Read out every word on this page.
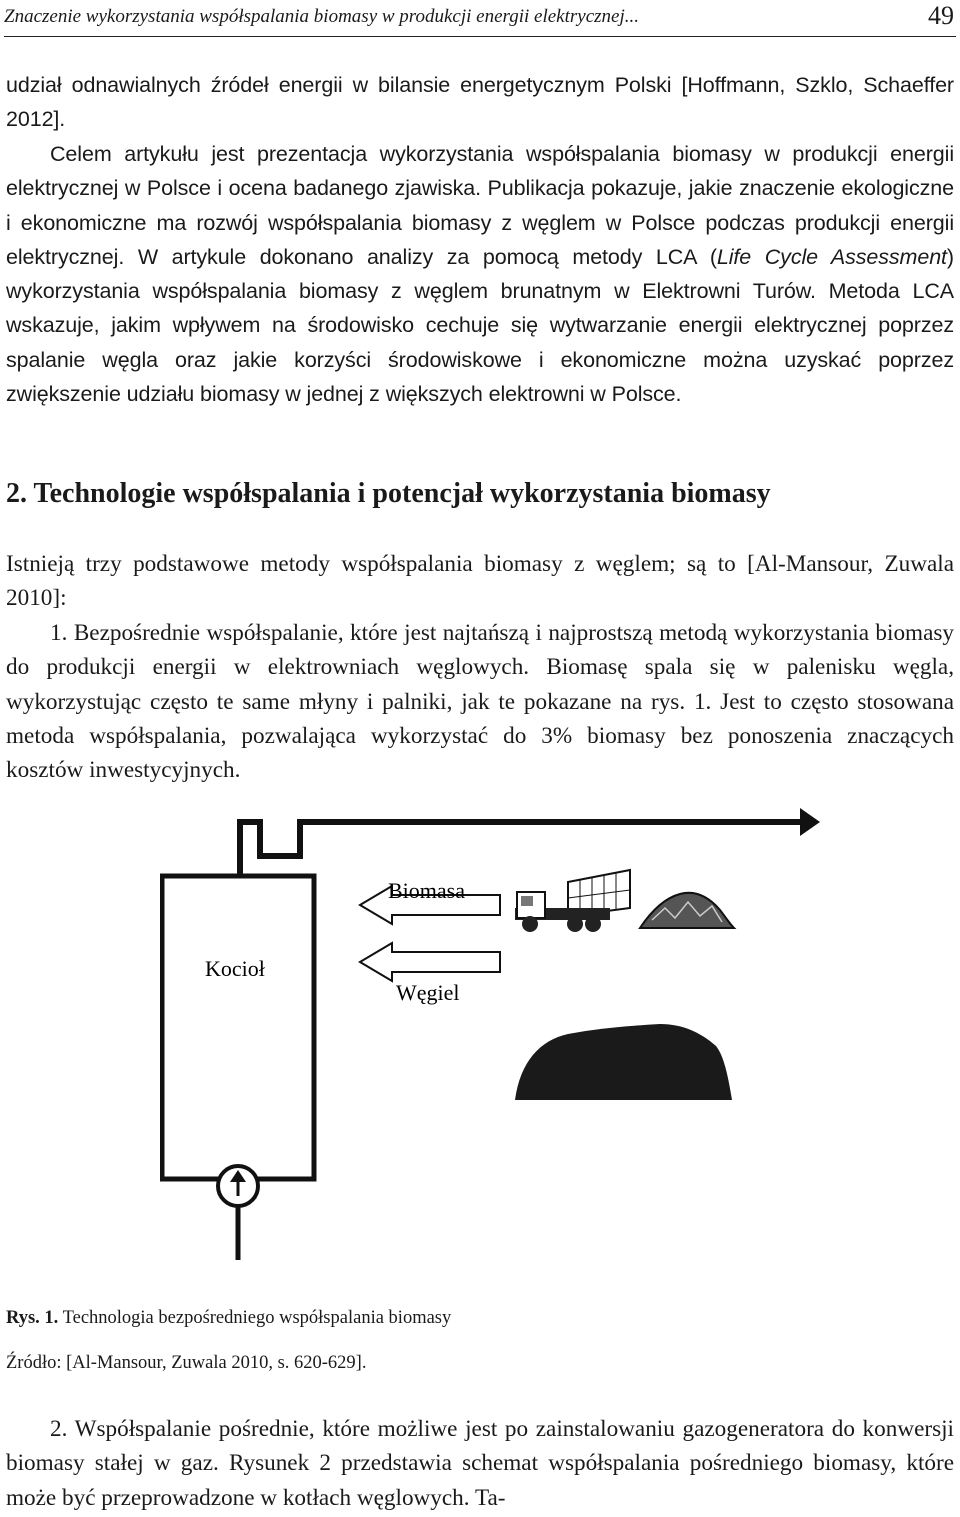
Znaczenie wykorzystania współspalania biomasy w produkcji energii elektrycznej...	49

udział odnawialnych źródeł energii w bilansie energetycznym Polski [Hoffmann, Szklo, Schaeffer 2012].

Celem artykułu jest prezentacja wykorzystania współspalania biomasy w produkcji energii elektrycznej w Polsce i ocena badanego zjawiska. Publikacja pokazuje, jakie znaczenie ekologiczne i ekonomiczne ma rozwój współspalania biomasy z węglem w Polsce podczas produkcji energii elektrycznej. W artykule dokonano analizy za pomocą metody LCA (Life Cycle Assessment) wykorzystania współspalania biomasy z węglem brunatnym w Elektrowni Turów. Metoda LCA wskazuje, jakim wpływem na środowisko cechuje się wytwarzanie energii elektrycznej poprzez spalanie węgla oraz jakie korzyści środowiskowe i ekonomiczne można uzyskać poprzez zwiększenie udziału biomasy w jednej z większych elektrowni w Polsce.

2. Technologie współspalania i potencjał wykorzystania biomasy

Istnieją trzy podstawowe metody współspalania biomasy z węglem; są to [Al-Mansour, Zuwala 2010]:

1. Bezpośrednie współspalanie, które jest najtańszą i najprostszą metodą wykorzystania biomasy do produkcji energii w elektrowniach węglowych. Biomasę spala się w palenisku węgla, wykorzystując często te same młyny i palniki, jak te pokazane na rys. 1. Jest to często stosowana metoda współspalania, pozwalająca wykorzystać do 3% biomasy bez ponoszenia znaczących kosztów inwestycyjnych.

Kocioł
Biomasa
Węgiel
Rys. 1. Technologia bezpośredniego współspalania biomasy
Źródło: [Al-Mansour, Zuwala 2010, s. 620-629].

2. Współspalanie pośrednie, które możliwe jest po zainstalowaniu gazogeneratora do konwersji biomasy stałej w gaz. Rysunek 2 przedstawia schemat współspalania pośredniego biomasy, które może być przeprowadzone w kotłach węglowych. Ta-
